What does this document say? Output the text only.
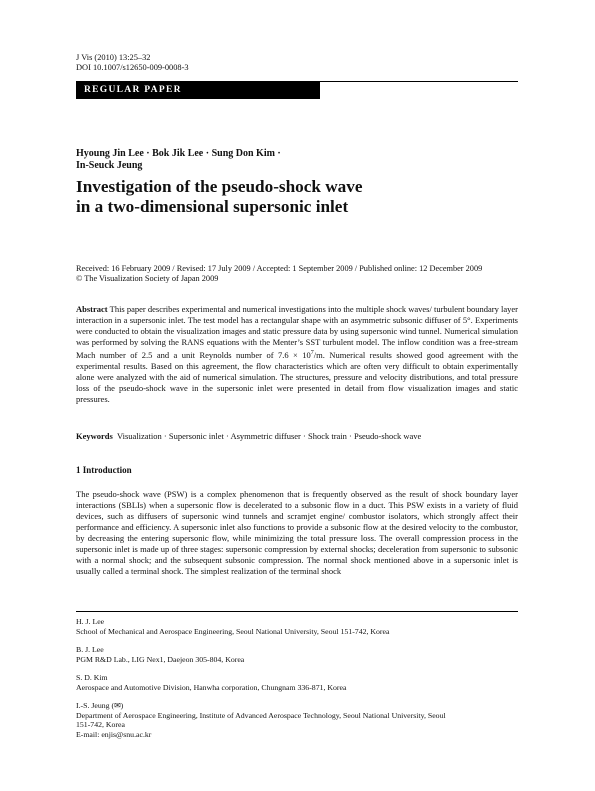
J Vis (2010) 13:25–32
DOI 10.1007/s12650-009-0008-3
REGULAR PAPER
Hyoung Jin Lee · Bok Jik Lee · Sung Don Kim ·
In-Seuck Jeung
Investigation of the pseudo-shock wave
in a two-dimensional supersonic inlet
Received: 16 February 2009 / Revised: 17 July 2009 / Accepted: 1 September 2009 / Published online: 12 December 2009
© The Visualization Society of Japan 2009
Abstract This paper describes experimental and numerical investigations into the multiple shock waves/ turbulent boundary layer interaction in a supersonic inlet. The test model has a rectangular shape with an asymmetric subsonic diffuser of 5°. Experiments were conducted to obtain the visualization images and static pressure data by using supersonic wind tunnel. Numerical simulation was performed by solving the RANS equations with the Menter’s SST turbulent model. The inflow condition was a free-stream Mach number of 2.5 and a unit Reynolds number of $7.6 \times 10^7/m$. Numerical results showed good agreement with the experimental results. Based on this agreement, the flow characteristics which are often very difficult to obtain experimentally alone were analyzed with the aid of numerical simulation. The structures, pressure and velocity distributions, and total pressure loss of the pseudo-shock wave in the supersonic inlet were presented in detail from flow visualization images and static pressures.
Keywords Visualization · Supersonic inlet · Asymmetric diffuser · Shock train · Pseudo-shock wave
1 Introduction
The pseudo-shock wave (PSW) is a complex phenomenon that is frequently observed as the result of shock boundary layer interactions (SBLIs) when a supersonic flow is decelerated to a subsonic flow in a duct. This PSW exists in a variety of fluid devices, such as diffusers of supersonic wind tunnels and scramjet engine/ combustor isolators, which strongly affect their performance and efficiency. A supersonic inlet also functions to provide a subsonic flow at the desired velocity to the combustor, by decreasing the entering supersonic flow, while minimizing the total pressure loss. The overall compression process in the supersonic inlet is made up of three stages: supersonic compression by external shocks; deceleration from supersonic to subsonic with a normal shock; and the subsequent subsonic compression. The normal shock mentioned above in a supersonic inlet is usually called a terminal shock. The simplest realization of the terminal shock
H. J. Lee
School of Mechanical and Aerospace Engineering, Seoul National University, Seoul 151-742, Korea
B. J. Lee
PGM R&D Lab., LIG Nex1, Daejeon 305-804, Korea
S. D. Kim
Aerospace and Automotive Division, Hanwha corporation, Chungnam 336-871, Korea
I.-S. Jeung (✉)
Department of Aerospace Engineering, Institute of Advanced Aerospace Technology, Seoul National University, Seoul
151-742, Korea
E-mail: enjis@snu.ac.kr
